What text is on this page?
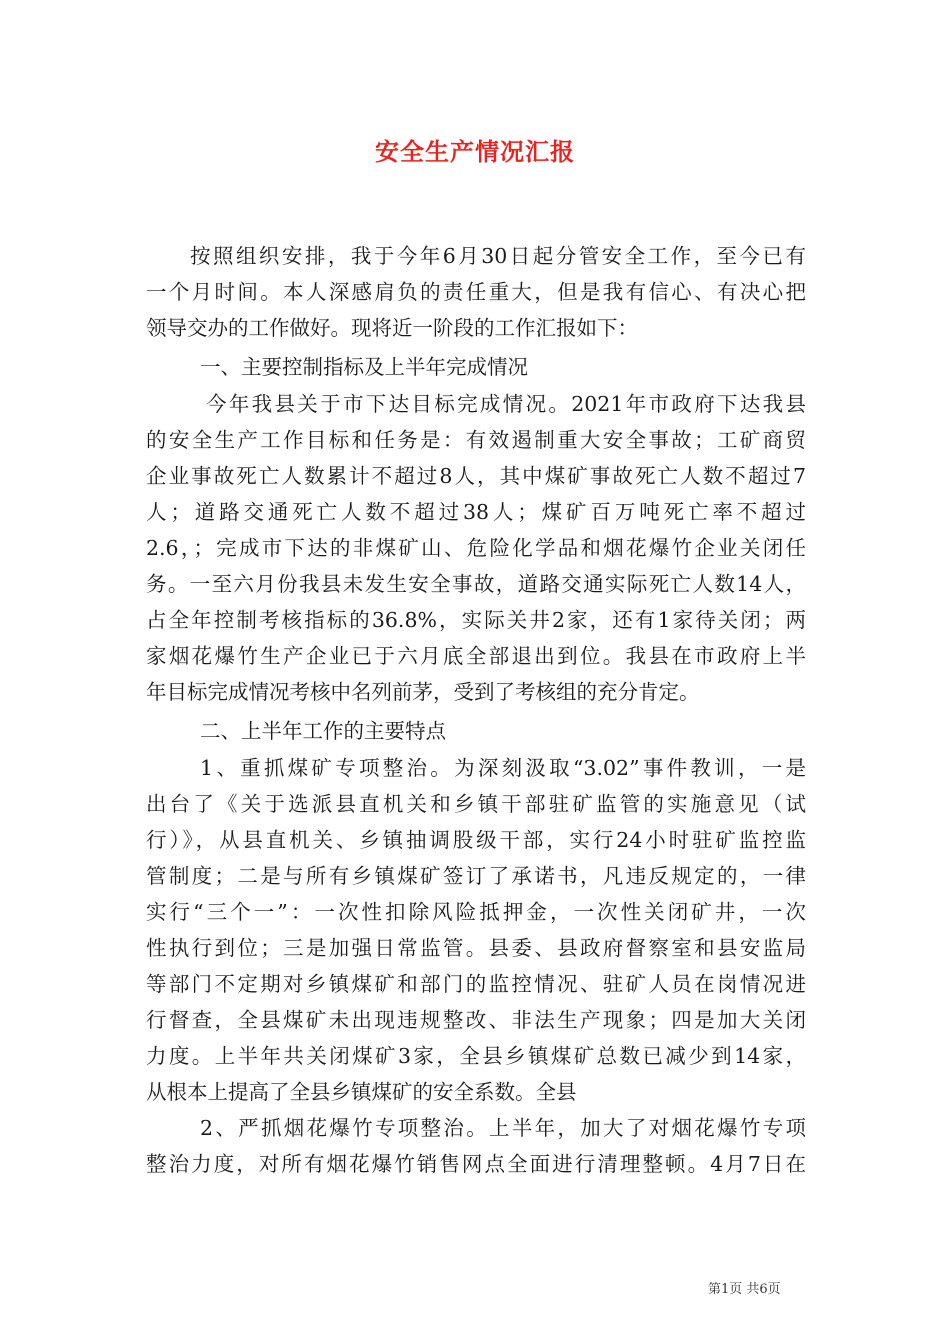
安全生产情况汇报
按照组织安排，我于今年6月30日起分管安全工作，至今已有
一个月时间。本人深感肩负的责任重大，但是我有信心、有决心把
领导交办的工作做好。现将近一阶段的工作汇报如下：
一、主要控制指标及上半年完成情况
今年我县关于市下达目标完成情况。2021年市政府下达我县
的安全生产工作目标和任务是：有效遏制重大安全事故；工矿商贸
企业事故死亡人数累计不超过8人，其中煤矿事故死亡人数不超过7
人；道路交通死亡人数不超过38人；煤矿百万吨死亡率不超过
2.6，；完成市下达的非煤矿山、危险化学品和烟花爆竹企业关闭任
务。一至六月份我县未发生安全事故，道路交通实际死亡人数14人，
占全年控制考核指标的36.8%，实际关井2家，还有1家待关闭；两
家烟花爆竹生产企业已于六月底全部退出到位。我县在市政府上半
年目标完成情况考核中名列前茅，受到了考核组的充分肯定。
二、上半年工作的主要特点
1、重抓煤矿专项整治。为深刻汲取“3.02”事件教训，一是
出台了《关于选派县直机关和乡镇干部驻矿监管的实施意见（试
行）》，从县直机关、乡镇抽调股级干部，实行24小时驻矿监控监
管制度；二是与所有乡镇煤矿签订了承诺书，凡违反规定的，一律
实行“三个一”：一次性扣除风险抵押金，一次性关闭矿井，一次
性执行到位；三是加强日常监管。县委、县政府督察室和县安监局
等部门不定期对乡镇煤矿和部门的监控情况、驻矿人员在岗情况进
行督查，全县煤矿未出现违规整改、非法生产现象；四是加大关闭
力度。上半年共关闭煤矿3家，全县乡镇煤矿总数已减少到14家，
从根本上提高了全县乡镇煤矿的安全系数。全县
2、严抓烟花爆竹专项整治。上半年，加大了对烟花爆竹专项
整治力度，对所有烟花爆竹销售网点全面进行清理整顿。4月7日在
第1页 共6页
